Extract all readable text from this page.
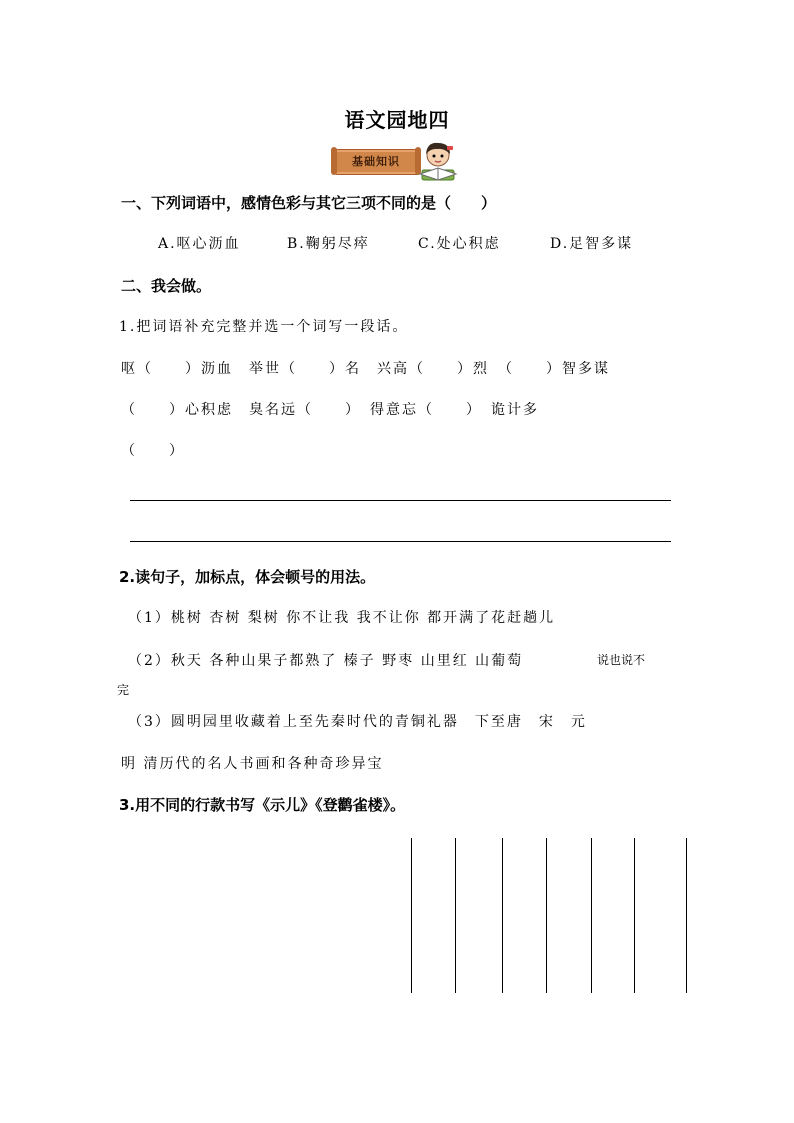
语文园地四
基础知识
一、下列词语中，感情色彩与其它三项不同的是（　　）
A.呕心沥血	B.鞠躬尽瘁	C.处心积虑	D.足智多谋
二、我会做。
1.把词语补充完整并选一个词写一段话。
呕（　　）沥血　举世（　　）名　兴高（　　）烈　（　　）智多谋
（　　）心积虑　臭名远（　　）　得意忘（　　）　诡计多
（　　）
2.读句子，加标点，体会顿号的用法。
（1）桃树 杏树 梨树 你不让我 我不让你 都开满了花赶趟儿
（2）秋天 各种山果子都熟了 榛子 野枣 山里红 山葡萄	说也说不
完
（3）圆明园里收藏着上至先秦时代的青铜礼器　下至唐　宋　元
明 清历代的名人书画和各种奇珍异宝
3.用不同的行款书写《示儿》《登鹳雀楼》。
